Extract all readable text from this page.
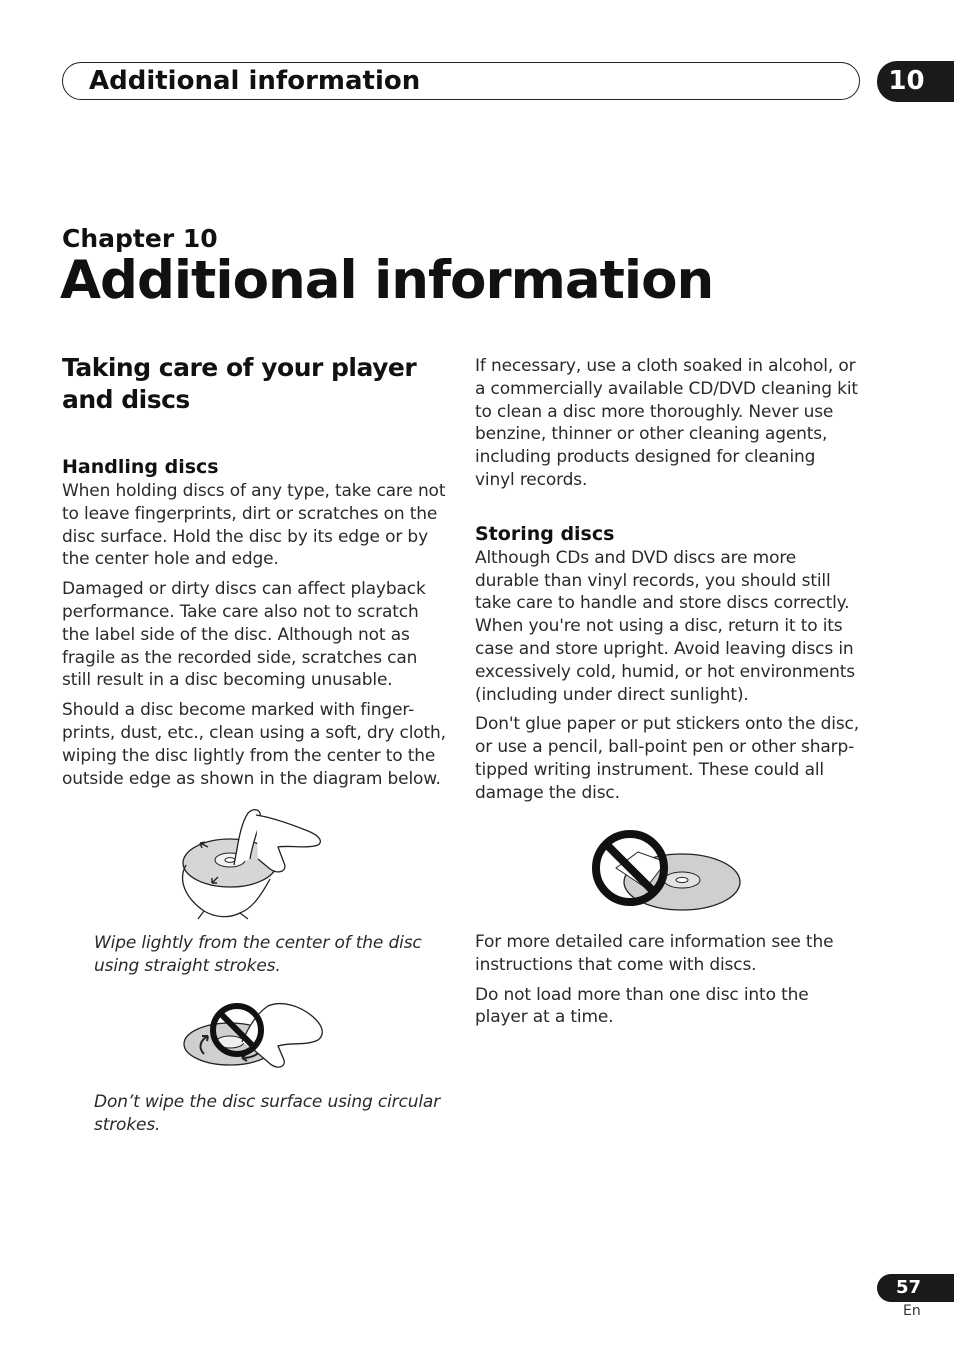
Additional information	10
Chapter 10
Additional information
Taking care of your player and discs
Handling discs

When holding discs of any type, take care not to leave fingerprints, dirt or scratches on the disc surface. Hold the disc by its edge or by the center hole and edge.

Damaged or dirty discs can affect playback performance. Take care also not to scratch the label side of the disc. Although not as fragile as the recorded side, scratches can still result in a disc becoming unusable.

Should a disc become marked with finger-prints, dust, etc., clean using a soft, dry cloth, wiping the disc lightly from the center to the outside edge as shown in the diagram below.

Wipe lightly from the center of the disc using straight strokes.
Don’t wipe the disc surface using circular strokes.

If necessary, use a cloth soaked in alcohol, or a commercially available CD/DVD cleaning kit to clean a disc more thoroughly. Never use benzine, thinner or other cleaning agents, including products designed for cleaning vinyl records.

Storing discs

Although CDs and DVD discs are more durable than vinyl records, you should still take care to handle and store discs correctly. When you're not using a disc, return it to its case and store upright. Avoid leaving discs in excessively cold, humid, or hot environments (including under direct sunlight).

Don't glue paper or put stickers onto the disc, or use a pencil, ball-point pen or other sharp-tipped writing instrument. These could all damage the disc.

For more detailed care information see the instructions that come with discs.

Do not load more than one disc into the player at a time.

57
En
